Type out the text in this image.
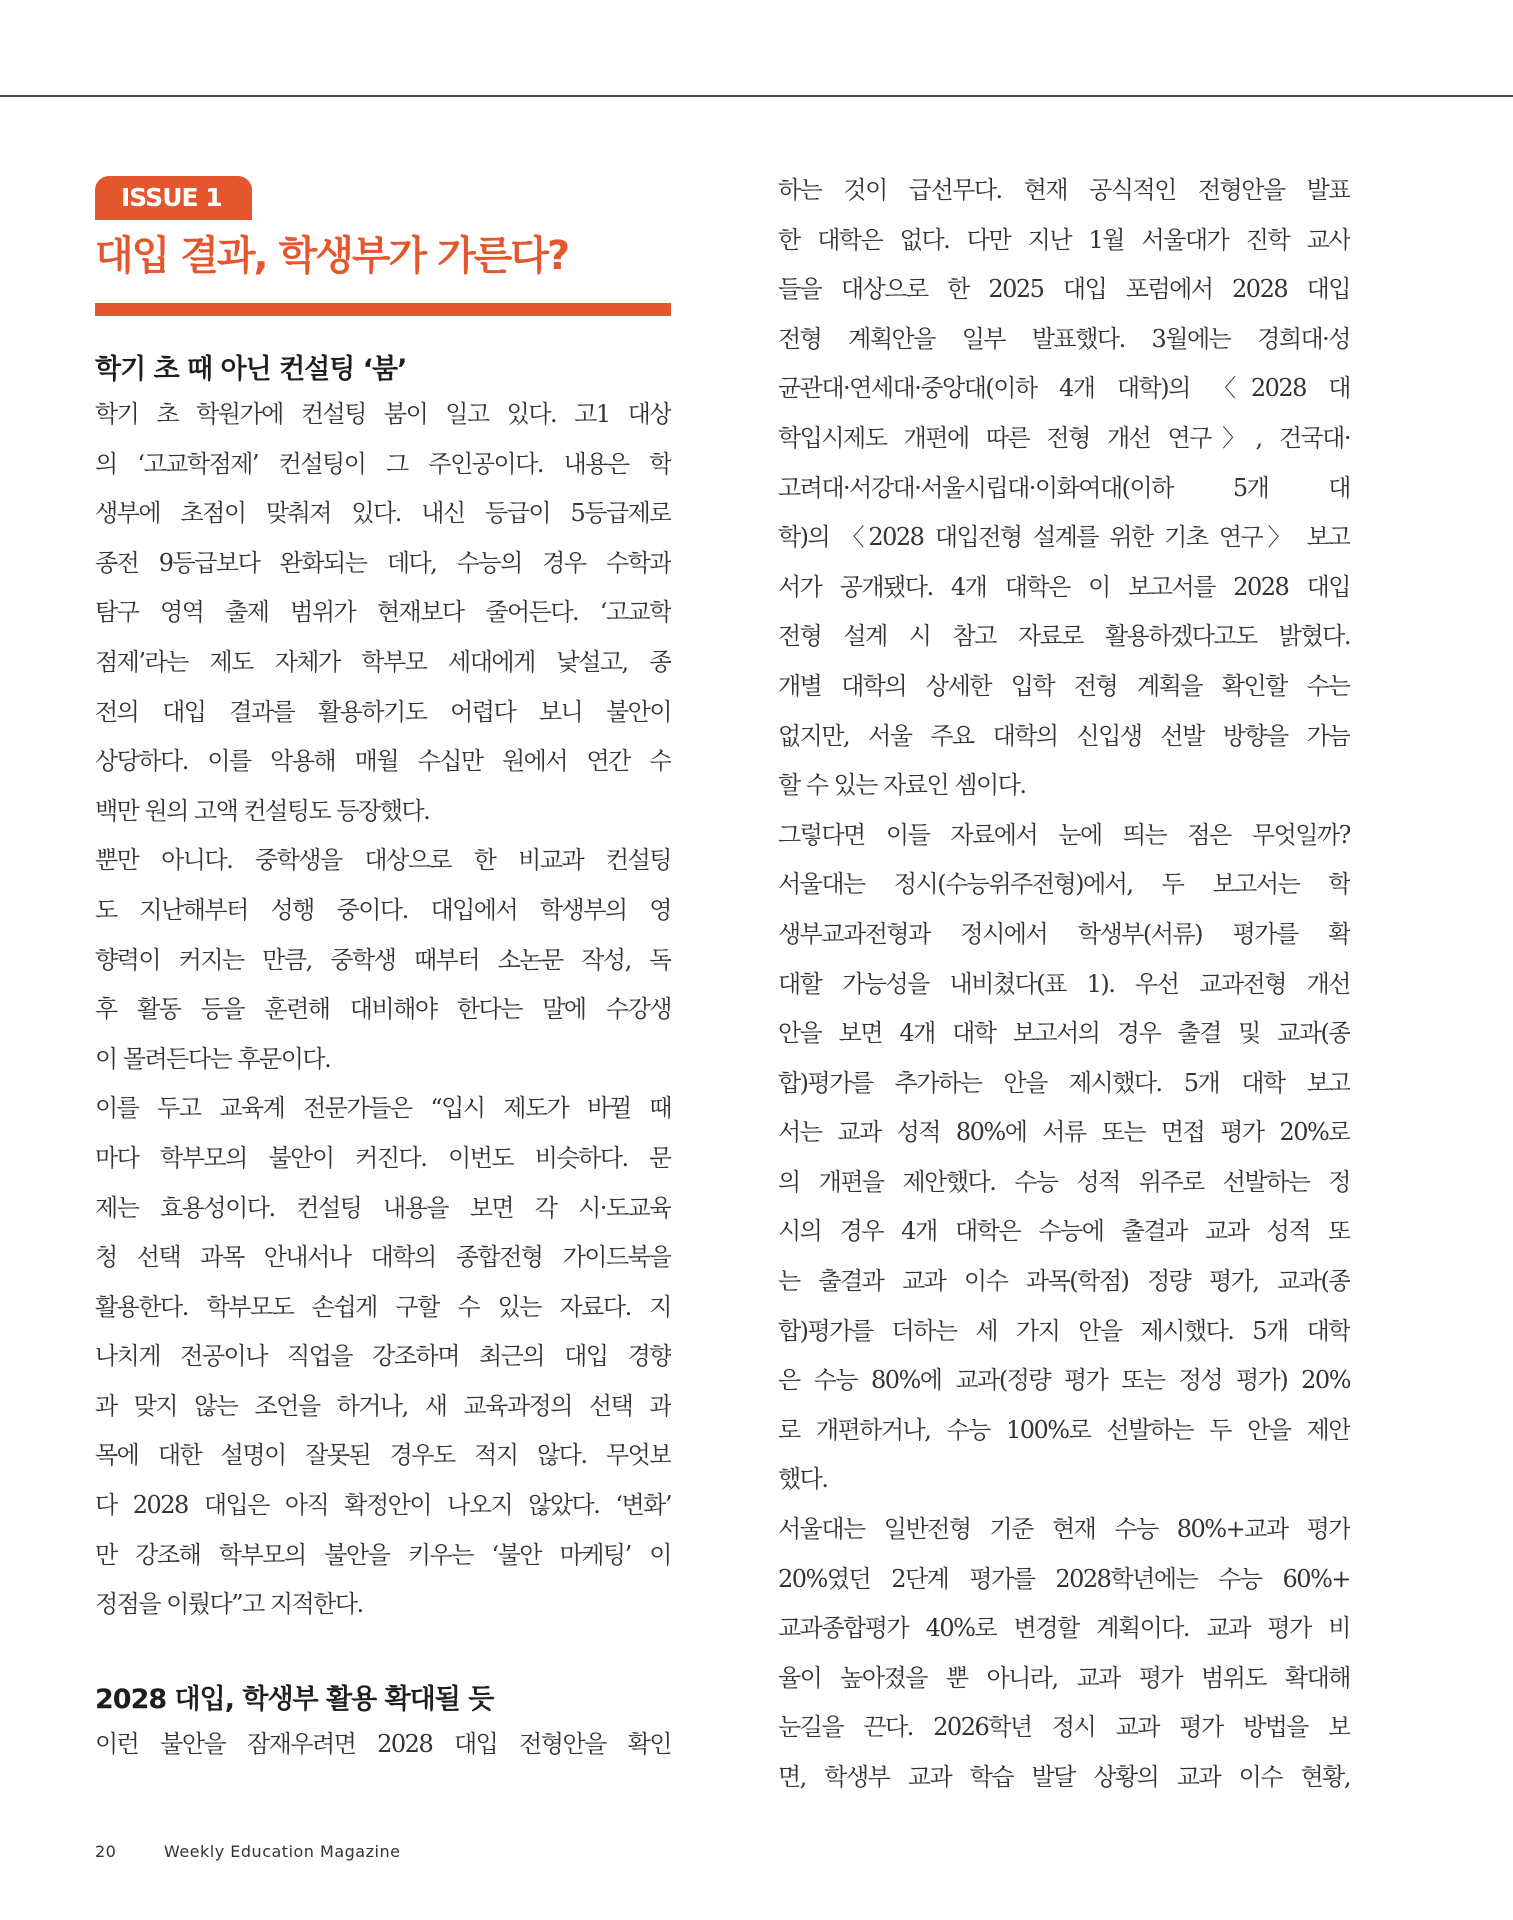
ISSUE 1
대입 결과, 학생부가 가른다?
학기 초 때 아닌 컨설팅 ‘붐’
학기 초 학원가에 컨설팅 붐이 일고 있다. 고1 대상
의 ‘고교학점제’ 컨설팅이 그 주인공이다. 내용은 학
생부에 초점이 맞춰져 있다. 내신 등급이 5등급제로
종전 9등급보다 완화되는 데다, 수능의 경우 수학과
탐구 영역 출제 범위가 현재보다 줄어든다. ‘고교학
점제’라는 제도 자체가 학부모 세대에게 낯설고, 종
전의 대입 결과를 활용하기도 어렵다 보니 불안이
상당하다. 이를 악용해 매월 수십만 원에서 연간 수
백만 원의 고액 컨설팅도 등장했다.
뿐만 아니다. 중학생을 대상으로 한 비교과 컨설팅
도 지난해부터 성행 중이다. 대입에서 학생부의 영
향력이 커지는 만큼, 중학생 때부터 소논문 작성, 독
후 활동 등을 훈련해 대비해야 한다는 말에 수강생
이 몰려든다는 후문이다.
이를 두고 교육계 전문가들은 “입시 제도가 바뀔 때
마다 학부모의 불안이 커진다. 이번도 비슷하다. 문
제는 효용성이다. 컨설팅 내용을 보면 각 시·도교육
청 선택 과목 안내서나 대학의 종합전형 가이드북을
활용한다. 학부모도 손쉽게 구할 수 있는 자료다. 지
나치게 전공이나 직업을 강조하며 최근의 대입 경향
과 맞지 않는 조언을 하거나, 새 교육과정의 선택 과
목에 대한 설명이 잘못된 경우도 적지 않다. 무엇보
다 2028 대입은 아직 확정안이 나오지 않았다. ‘변화’
만 강조해 학부모의 불안을 키우는 ‘불안 마케팅’ 이
정점을 이뤘다”고 지적한다.
2028 대입, 학생부 활용 확대될 듯
이런 불안을 잠재우려면 2028 대입 전형안을 확인
하는 것이 급선무다. 현재 공식적인 전형안을 발표
한 대학은 없다. 다만 지난 1월 서울대가 진학 교사
들을 대상으로 한 2025 대입 포럼에서 2028 대입
전형 계획안을 일부 발표했다. 3월에는 경희대·성
균관대·연세대·중앙대(이하 4개 대학)의 〈2028 대
학입시제도 개편에 따른 전형 개선 연구〉, 건국대·
고려대·서강대·서울시립대·이화여대(이하 5개 대
학)의 〈2028 대입전형 설계를 위한 기초 연구〉 보고
서가 공개됐다. 4개 대학은 이 보고서를 2028 대입
전형 설계 시 참고 자료로 활용하겠다고도 밝혔다.
개별 대학의 상세한 입학 전형 계획을 확인할 수는
없지만, 서울 주요 대학의 신입생 선발 방향을 가늠
할 수 있는 자료인 셈이다.
그렇다면 이들 자료에서 눈에 띄는 점은 무엇일까?
서울대는 정시(수능위주전형)에서, 두 보고서는 학
생부교과전형과 정시에서 학생부(서류) 평가를 확
대할 가능성을 내비쳤다(표 1). 우선 교과전형 개선
안을 보면 4개 대학 보고서의 경우 출결 및 교과(종
합)평가를 추가하는 안을 제시했다. 5개 대학 보고
서는 교과 성적 80%에 서류 또는 면접 평가 20%로
의 개편을 제안했다. 수능 성적 위주로 선발하는 정
시의 경우 4개 대학은 수능에 출결과 교과 성적 또
는 출결과 교과 이수 과목(학점) 정량 평가, 교과(종
합)평가를 더하는 세 가지 안을 제시했다. 5개 대학
은 수능 80%에 교과(정량 평가 또는 정성 평가) 20%
로 개편하거나, 수능 100%로 선발하는 두 안을 제안
했다.
서울대는 일반전형 기준 현재 수능 80%+교과 평가
20%였던 2단계 평가를 2028학년에는 수능 60%+
교과종합평가 40%로 변경할 계획이다. 교과 평가 비
율이 높아졌을 뿐 아니라, 교과 평가 범위도 확대해
눈길을 끈다. 2026학년 정시 교과 평가 방법을 보
면, 학생부 교과 학습 발달 상황의 교과 이수 현황,
20	Weekly Education Magazine
